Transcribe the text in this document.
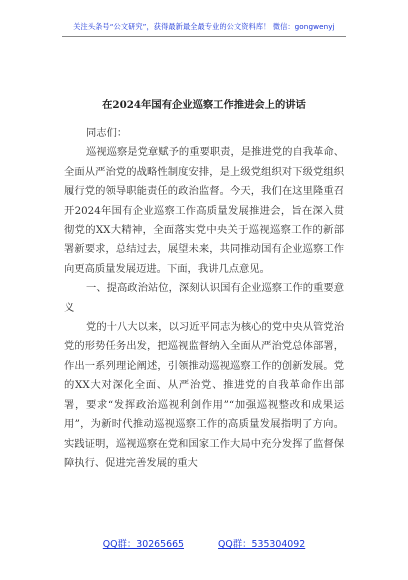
关注头条号“公文研究”，获得最新最全最专业的公文资料库！ 微信：gongwenyj
在2024年国有企业巡察工作推进会上的讲话

同志们：

巡视巡察是党章赋予的重要职责，是推进党的自我革命、全面从严治党的战略性制度安排，是上级党组织对下级党组织履行党的领导职能责任的政治监督。今天，我们在这里隆重召开2024年国有企业巡察工作高质量发展推进会，旨在深入贯彻党的XX大精神，全面落实党中央关于巡视巡察工作的新部署新要求，总结过去，展望未来，共同推动国有企业巡察工作向更高质量发展迈进。下面，我讲几点意见。

一、提高政治站位，深刻认识国有企业巡察工作的重要意义

党的十八大以来，以习近平同志为核心的党中央从管党治党的形势任务出发，把巡视监督纳入全面从严治党总体部署，作出一系列理论阐述，引领推动巡视巡察工作的创新发展。党的XX大对深化全面、从严治党、推进党的自我革命作出部署，要求“发挥政治巡视利剑作用”“加强巡视整改和成果运用”，为新时代推动巡视巡察工作的高质量发展指明了方向。实践证明，巡视巡察在党和国家工作大局中充分发挥了监督保障执行、促进完善发展的重大

QQ群：30265665	QQ群：535304092
